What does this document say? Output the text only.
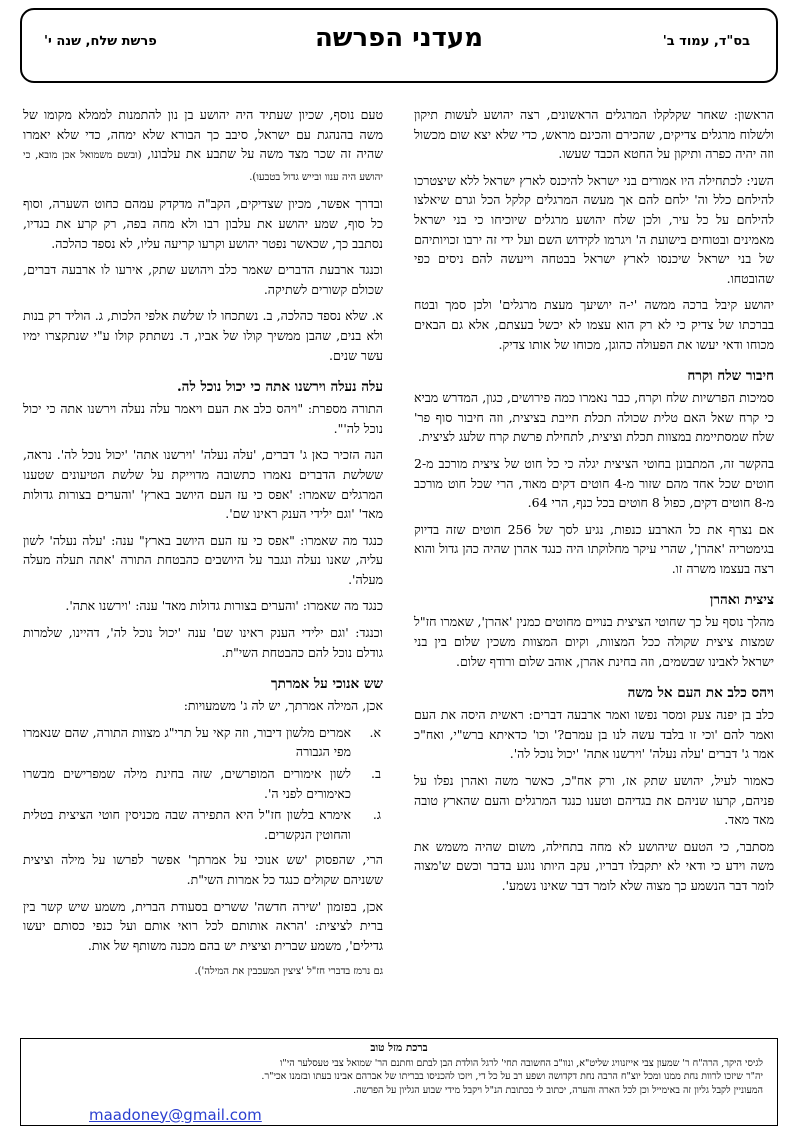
בס"ד, עמוד ב'
מעדני הפרשה
פרשת שלח, שנה י'

הראשון: שאחר שקלקלו המרגלים הראשונים, רצה יהושע לעשות תיקון ולשלוח מרגלים צדיקים, שהכירם והכינם מראש, כדי שלא יצא שום מכשול וזה יהיה כפרה ותיקון על החטא הכבד שעשו.

השני: לכתחילה היו אמורים בני ישראל להיכנס לארץ ישראל ללא שיצטרכו להילחם כלל וה' ילחם להם אך מעשה המרגלים קלקל הכל וגרם שיאלצו להילחם על כל עיר, ולכן שלח יהושע מרגלים שיוכיחו כי בני ישראל מאמינים ובטוחים בישועת ה' ויגרמו לקידוש השם ועל ידי זה ירבו זכויותיהם של בני ישראל שיכנסו לארץ ישראל בבטחה וייעשה להם ניסים כפי שהובטחו.

יהושע קיבל ברכה ממשה 'י-ה יושיעך מעצת מרגלים' ולכן סמך ובטח בברכתו של צדיק כי לא רק הוא עצמו לא יכשל בעצתם, אלא גם הבאים מכוחו ודאי יעשו את הפעולה כהוגן, מכוחו של אותו צדיק.

חיבור שלח וקרח

סמיכות הפרשיות שלח וקרח, כבר נאמרו כמה פירושים, כגון, המדרש מביא כי קרח שאל האם טלית שכולה תכלת חייבת בציצית, וזה חיבור סוף פר' שלח שמסתיימת במצוות תכלת וציצית, לתחילת פרשת קרח שלעג לציצית.

בהקשר זה, המתבונן בחוטי הציצית יגלה כי כל חוט של ציצית מורכב מ-2 חוטים שכל אחד מהם שזור מ-4 חוטים דקים מאוד, הרי שכל חוט מורכב מ-8 חוטים דקים, כפול 8 חוטים בכל כנף, הרי 64.

אם נצרף את כל הארבע כנפות, נגיע לסך של 256 חוטים שזה בדיוק בגימטריה 'אהרן', שהרי עיקר מחלוקתו היה כנגד אהרן שהיה כהן גדול והוא רצה בעצמו משרה זו.

ציצית ואהרן

מהלך נוסף על כך שחוטי הציצית בנויים מחוטים כמנין 'אהרן', שאמרו חז"ל שמצות ציצית שקולה ככל המצוות, וקיום המצוות משכין שלום בין בני ישראל לאבינו שבשמים, וזה בחינת אהרן, אוהב שלום ורודף שלום.

ויהס כלב את העם אל משה

כלב בן יפנה צעק ומסר נפשו ואמר ארבעה דברים: ראשית היסה את העם ואמר להם 'וכי זו בלבד עשה לנו בן עמרם?' וכו' כדאיתא ברש"י, ואח"כ אמר ג' דברים 'עלה נעלה' 'וירשנו אתה' 'יכול נוכל לה'.

כאמור לעיל, יהושע שתק אז, ורק אח"כ, כאשר משה ואהרן נפלו על פניהם, קרעו שניהם את בגדיהם וטענו כנגד המרגלים והעם שהארץ טובה מאד מאד.

מסתבר, כי הטעם שיהושע לא מחה בתחילה, משום שהיה משמש את משה וידע כי ודאי לא יתקבלו דבריו, עקב היותו נוגע בדבר וכשם ש'מצוה לומר דבר הנשמע כך מצוה שלא לומר דבר שאינו נשמע'.

טעם נוסף, שכיון שעתיד היה יהושע בן נון להתמנות לממלא מקומו של משה בהנהגת עם ישראל, סיבב כך הבורא שלא ימחה, כדי שלא יאמרו שהיה זה שכר מצד משה על שתבע את עלבונו, (ובשם משמואל אכן מובא, כי יהושע היה ענוו ובייש גדול בטבעו).

ובדרך אפשר, מכיון שצדיקים, הקב"ה מדקדק עמהם כחוט השערה, וסוף כל סוף, שמע יהושע את עלבון רבו ולא מחה בפה, רק קרע את בגדיו, נסתבב כך, שכאשר נפטר יהושע וקרעו קריעה עליו, לא נספד כהלכה.

וכנגד ארבעת הדברים שאמר כלב ויהושע שתק, אירעו לו ארבעה דברים, שכולם קשורים לשתיקה.

א. שלא נספד כהלכה, ב. נשתכחו לו שלשת אלפי הלכות, ג. הוליד רק בנות ולא בנים, שהבן ממשיך קולו של אביו, ד. נשתתק קולו ע"י שנתקצרו ימיו עשר שנים.

עלה נעלה וירשנו אתה כי יכול נוכל לה.

התורה מספרת: "ויהס כלב את העם ויאמר עלה נעלה וירשנו אתה כי יכול נוכל לה'".

הנה הזכיר כאן ג' דברים, 'עלה נעלה' 'וירשנו אתה' 'יכול נוכל לה'. נראה, ששלשת הדברים נאמרו כתשובה מדוייקת על שלשת הטיעונים שטענו המרגלים שאמרו: 'אפס כי עז העם היושב בארץ' 'והערים בצורות גדולות מאד' 'וגם ילידי הענק ראינו שם'.

כנגד מה שאמרו: "אפס כי עז העם היושב בארץ" ענה: 'עלה נעלה' לשון עליה, שאנו נעלה ונגבר על היושבים כהבטחת התורה 'אתה תעלה מעלה מעלה'.

כנגד מה שאמרו: 'והערים בצורות גדולות מאד' ענה: 'וירשנו אתה'.

וכנגד: 'וגם ילידי הענק ראינו שם' ענה 'יכול נוכל לה', דהיינו, שלמרות גודלם נוכל להם כהבטחת השי"ת.

שש אנוכי על אמרתך

אכן, המילה אמרתך, יש לה ג' משמעויות:

א.
אמרים מלשון דיבור, וזה קאי על תרי"ג מצוות התורה, שהם שנאמרו מפי הגבורה
ב.
לשון אימורים המופרשים, שזה בחינת מילה שמפרישים מבשרו כאימורים לפני ה'.
ג.
אימרא בלשון חז"ל היא התפירה שבה מכניסין חוטי הציצית בטלית והחוטין הנקשרים.

הרי, שהפסוק 'שש אנוכי על אמרתך' אפשר לפרשו על מילה וציצית ששניהם שקולים כנגד כל אמרות השי"ת.

אכן, בפזמון 'שירה חדשה' ששרים בסעודת הברית, משמע שיש קשר בין ברית לציצית: 'הראה אותותם לכל רואי אותם ועל כנפי כסותם יעשו גדילים', משמע שברית וציצית יש בהם מכנה משותף של אות.

גם נרמז בדברי חז"ל 'ציצין המעכבין את המילה').

ברכת מזל טוב
לגיסי היקר, הרה"ח ר' שמעון צבי אייזנוויג שליט"א, ונוו"ב החשובה תחי' לרגל הולדת הבן לבתם וחתנם הר' שמואל צבי טעסלער הי"ו
יה"ר שיזכו לרוות נחת ממנו ומכל יוצ"ח הרבה נחת דקדושה ושפע רב על כל די, ויזכו להכניסו בבריתו של אברהם אבינו בעתו ובזמנו אכי"ר.
המעוניין לקבל גליון זה באימייל וכן לכל הארה והערה, יכתוב לי בכתובת הנ"ל ויקבל מידי שבוע הגליון על הפרשה.
maadoney@gmail.com
